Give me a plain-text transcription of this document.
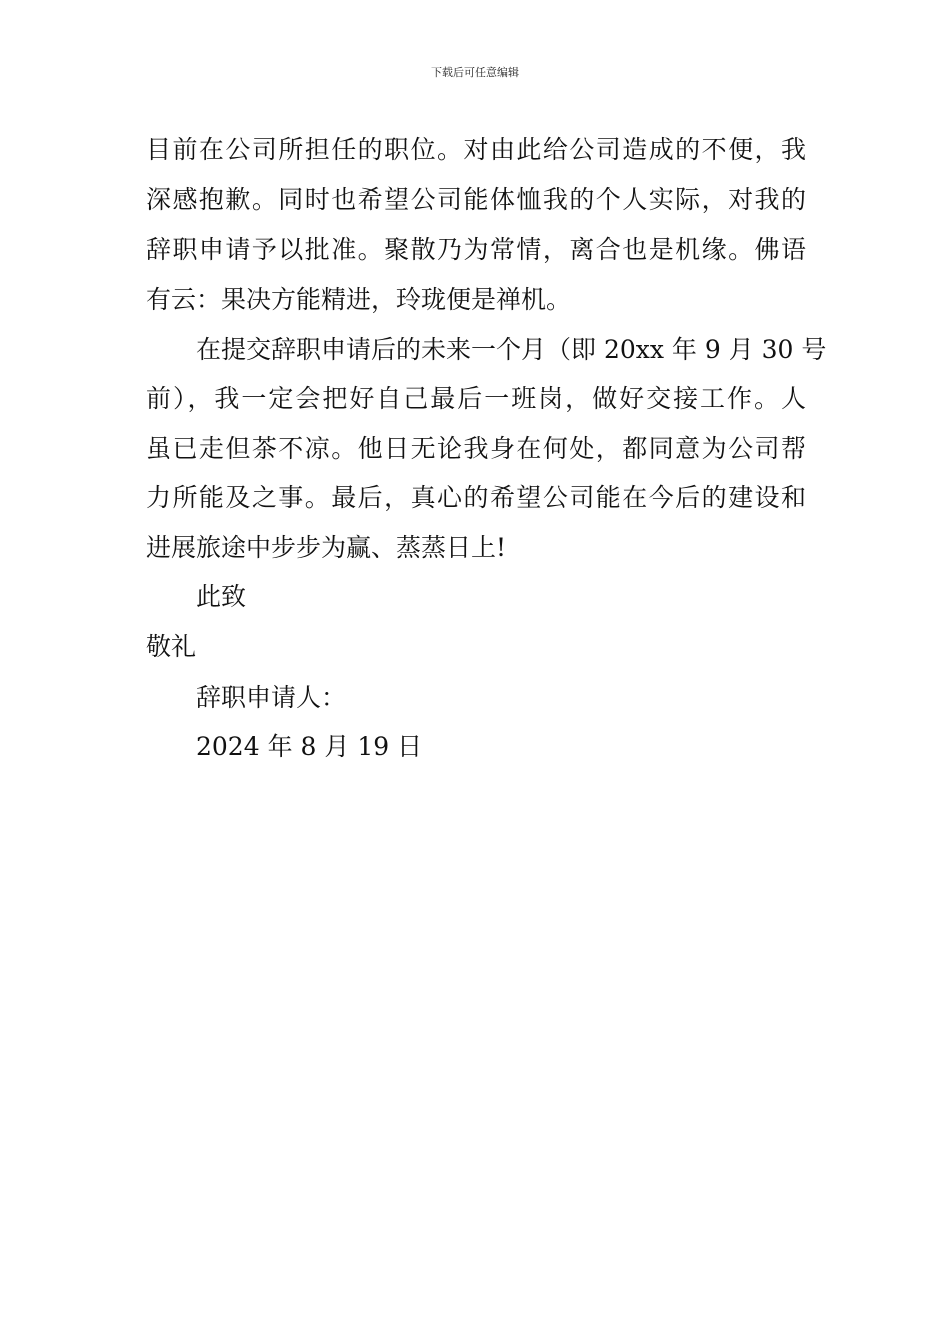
下载后可任意编辑
目前在公司所担任的职位。对由此给公司造成的不便，我
深感抱歉。同时也希望公司能体恤我的个人实际，对我的
辞职申请予以批准。聚散乃为常情，离合也是机缘。佛语
有云：果决方能精进，玲珑便是禅机。
在提交辞职申请后的未来一个月（即 20xx 年 9 月 30 号
前），我一定会把好自己最后一班岗，做好交接工作。人
虽已走但茶不凉。他日无论我身在何处，都同意为公司帮
力所能及之事。最后，真心的希望公司能在今后的建设和
进展旅途中步步为赢、蒸蒸日上!
此致
敬礼
辞职申请人：
2024 年 8 月 19 日
